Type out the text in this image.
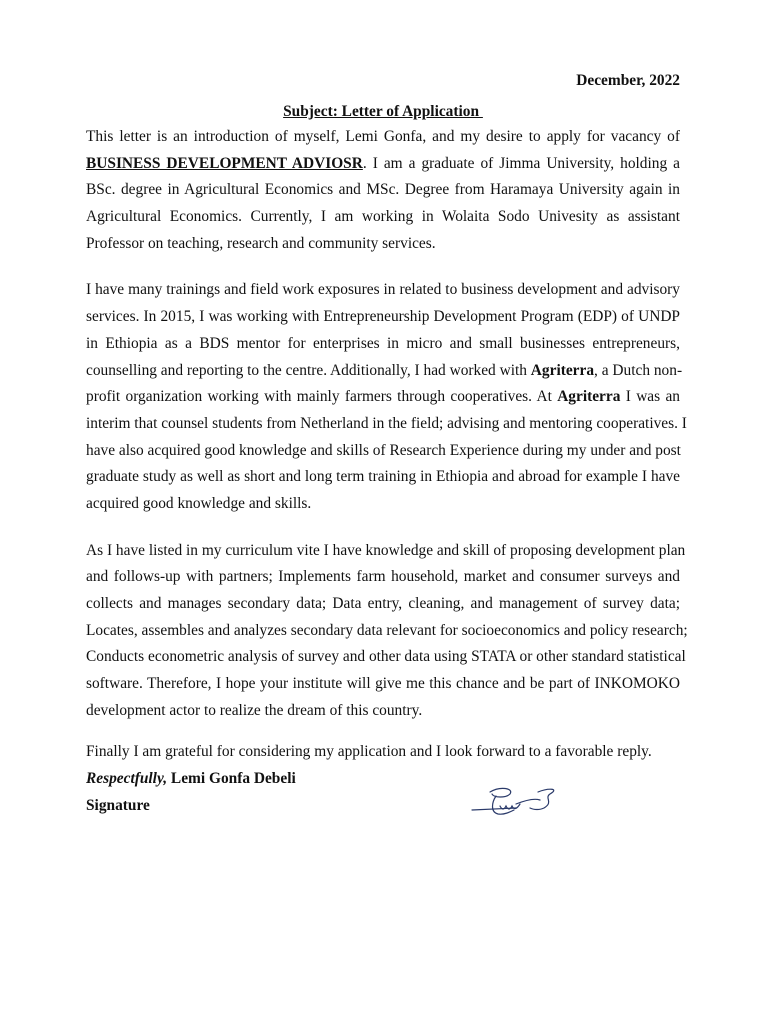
December, 2022
Subject: Letter of Application
This letter is an introduction of myself, Lemi Gonfa, and my desire to apply for vacancy of
BUSINESS DEVELOPMENT ADVIOSR. I am a graduate of Jimma University, holding a
BSc. degree in Agricultural Economics and MSc. Degree from Haramaya University again in
Agricultural Economics. Currently, I am working in Wolaita Sodo Univesity as assistant
Professor on teaching, research and community services.
I have many trainings and field work exposures in related to business development and advisory
services. In 2015, I was working with Entrepreneurship Development Program (EDP) of UNDP
in Ethiopia as a BDS mentor for enterprises in micro and small businesses entrepreneurs,
counselling and reporting to the centre. Additionally, I had worked with Agriterra, a Dutch non-
profit organization working with mainly farmers through cooperatives. At Agriterra I was an
interim that counsel students from Netherland in the field; advising and mentoring cooperatives. I
have also acquired good knowledge and skills of Research Experience during my under and post
graduate study as well as short and long term training in Ethiopia and abroad for example I have
acquired good knowledge and skills.
As I have listed in my curriculum vite I have knowledge and skill of proposing development plan
and follows-up with partners; Implements farm household, market and consumer surveys and
collects and manages secondary data; Data entry, cleaning, and management of survey data;
Locates, assembles and analyzes secondary data relevant for socioeconomics and policy research;
Conducts econometric analysis of survey and other data using STATA or other standard statistical
software. Therefore, I hope your institute will give me this chance and be part of INKOMOKO
development actor to realize the dream of this country.
Finally I am grateful for considering my application and I look forward to a favorable reply.
Respectfully, Lemi Gonfa Debeli
Signature
